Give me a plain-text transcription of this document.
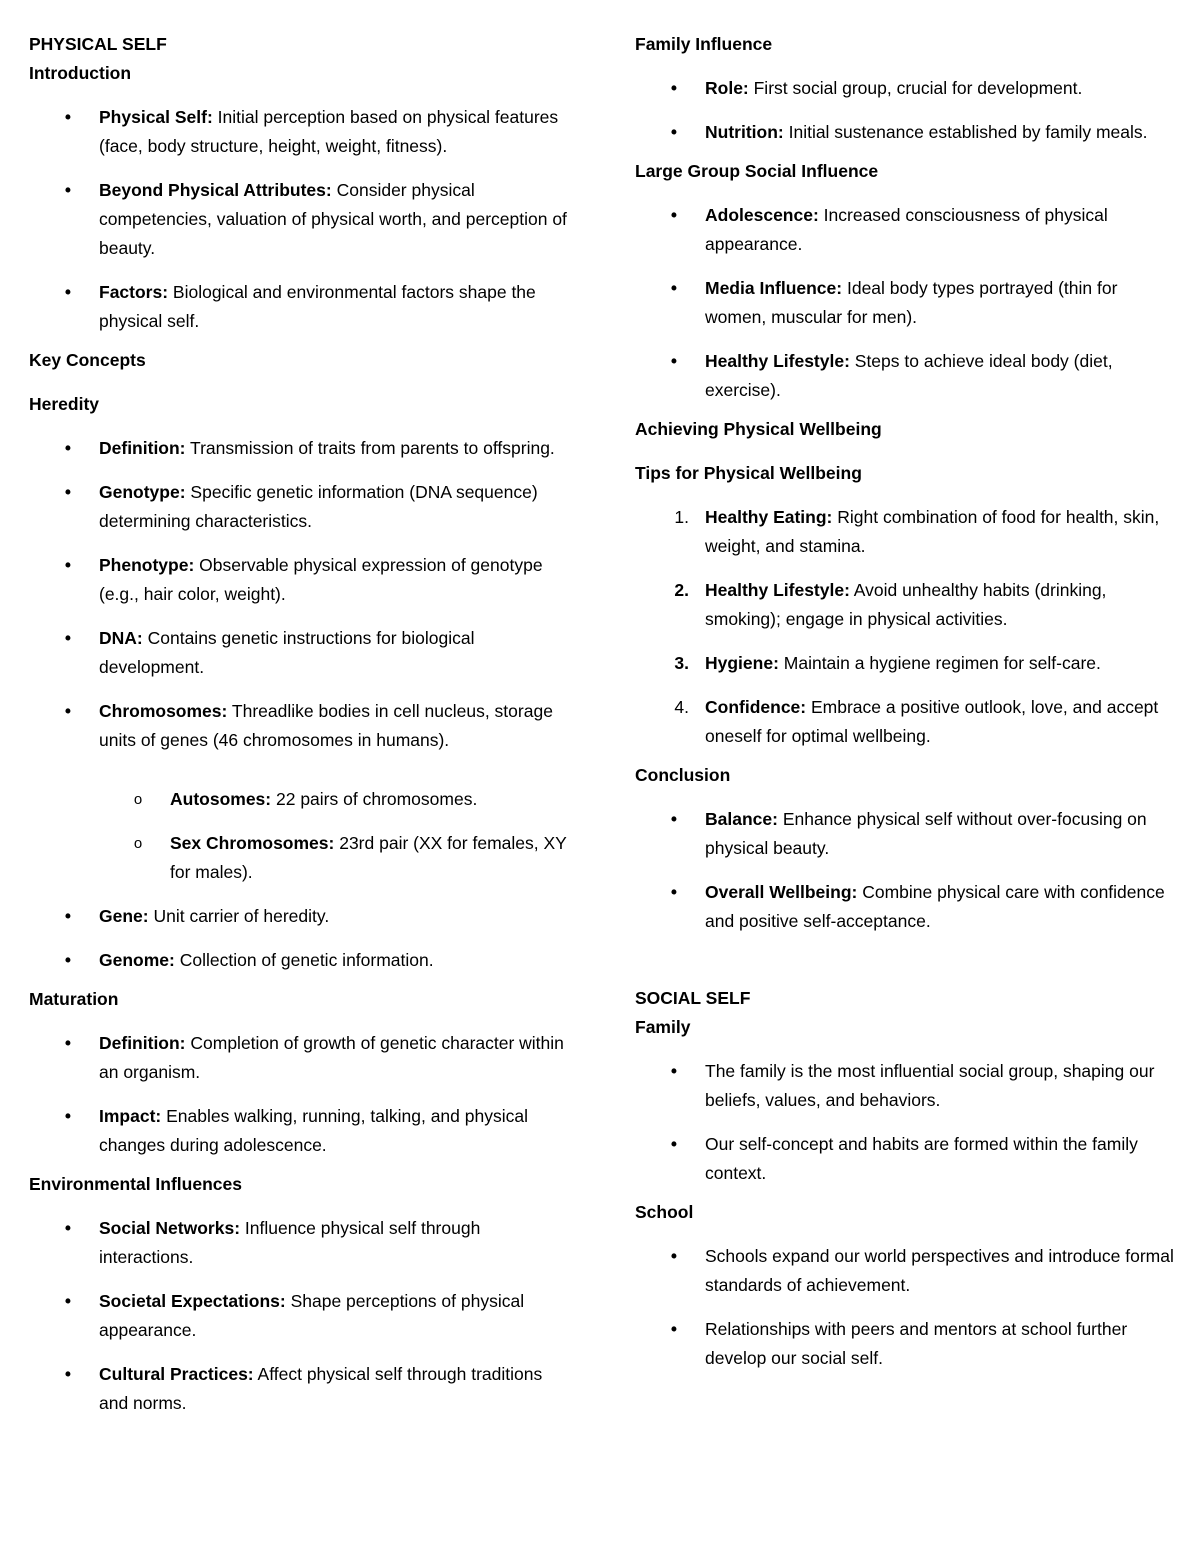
PHYSICAL SELF
Introduction
•	Physical Self: Initial perception based on physical features (face, body structure, height, weight, fitness).
•	Beyond Physical Attributes: Consider physical competencies, valuation of physical worth, and perception of beauty.
•	Factors: Biological and environmental factors shape the physical self.
Key Concepts
Heredity
•	Definition: Transmission of traits from parents to offspring.
•	Genotype: Specific genetic information (DNA sequence) determining characteristics.
•	Phenotype: Observable physical expression of genotype (e.g., hair color, weight).
•	DNA: Contains genetic instructions for biological development.
•	Chromosomes: Threadlike bodies in cell nucleus, storage units of genes (46 chromosomes in humans).
o Autosomes: 22 pairs of chromosomes.
o Sex Chromosomes: 23rd pair (XX for females, XY for males).
•	Gene: Unit carrier of heredity.
•	Genome: Collection of genetic information.
Maturation
•	Definition: Completion of growth of genetic character within an organism.
•	Impact: Enables walking, running, talking, and physical changes during adolescence.
Environmental Influences
•	Social Networks: Influence physical self through interactions.
•	Societal Expectations: Shape perceptions of physical appearance.
•	Cultural Practices: Affect physical self through traditions and norms.
Family Influence
•	Role: First social group, crucial for development.
•	Nutrition: Initial sustenance established by family meals.
Large Group Social Influence
•	Adolescence: Increased consciousness of physical appearance.
•	Media Influence: Ideal body types portrayed (thin for women, muscular for men).
•	Healthy Lifestyle: Steps to achieve ideal body (diet, exercise).
Achieving Physical Wellbeing
Tips for Physical Wellbeing
1. Healthy Eating: Right combination of food for health, skin, weight, and stamina.
2. Healthy Lifestyle: Avoid unhealthy habits (drinking, smoking); engage in physical activities.
3. Hygiene: Maintain a hygiene regimen for self-care.
4. Confidence: Embrace a positive outlook, love, and accept oneself for optimal wellbeing.
Conclusion
•	Balance: Enhance physical self without over-focusing on physical beauty.
•	Overall Wellbeing: Combine physical care with confidence and positive self-acceptance.
SOCIAL SELF
Family
•	The family is the most influential social group, shaping our beliefs, values, and behaviors.
•	Our self-concept and habits are formed within the family context.
School
•	Schools expand our world perspectives and introduce formal standards of achievement.
•	Relationships with peers and mentors at school further develop our social self.
